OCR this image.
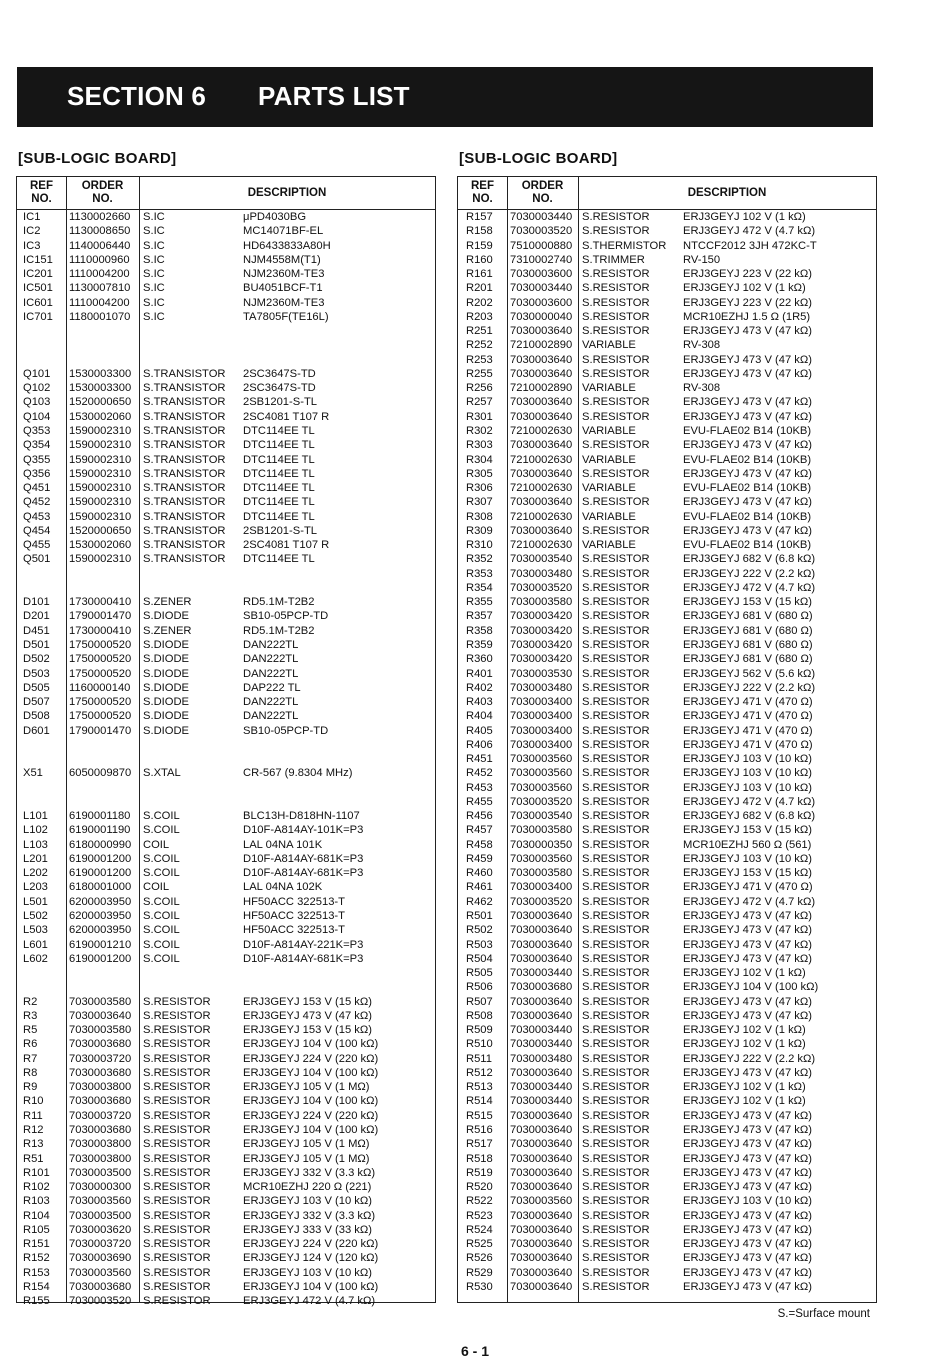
SECTION 6 PARTS LIST
[SUB-LOGIC BOARD]	[SUB-LOGIC BOARD]
REF
NO.
ORDER
NO.
DESCRIPTION
IC1	1130002660 S.IC	μPD4030BG
IC2	1130008650 S.IC	MC14071BF-EL
IC3	1140006440 S.IC	HD6433833A80H
IC151 1110000960 S.IC	NJM4558M(T1)
IC201 1110004200 S.IC	NJM2360M-TE3
IC501 1130007810 S.IC	BU4051BCF-T1
IC601 1110004200 S.IC	NJM2360M-TE3
IC701 1180001070 S.IC	TA7805F(TE16L)
Q101 1530003300 S.TRANSISTOR 2SC3647S-TD
Q102 1530003300 S.TRANSISTOR 2SC3647S-TD
Q103 1520000650 S.TRANSISTOR 2SB1201-S-TL
Q104 1530002060 S.TRANSISTOR 2SC4081 T107 R
Q353 1590002310 S.TRANSISTOR DTC114EE TL
Q354 1590002310 S.TRANSISTOR DTC114EE TL
Q355 1590002310 S.TRANSISTOR DTC114EE TL
Q356 1590002310 S.TRANSISTOR DTC114EE TL
Q451 1590002310 S.TRANSISTOR DTC114EE TL
Q452 1590002310 S.TRANSISTOR DTC114EE TL
Q453 1590002310 S.TRANSISTOR DTC114EE TL
Q454 1520000650 S.TRANSISTOR 2SB1201-S-TL
Q455 1530002060 S.TRANSISTOR 2SC4081 T107 R
Q501 1590002310 S.TRANSISTOR DTC114EE TL
D101 1730000410 S.ZENER	RD5.1M-T2B2
D201 1790001470 S.DIODE	SB10-05PCP-TD
D451 1730000410 S.ZENER	RD5.1M-T2B2
D501 1750000520 S.DIODE	DAN222TL
D502 1750000520 S.DIODE	DAN222TL
D503 1750000520 S.DIODE	DAN222TL
D505 1160000140 S.DIODE	DAP222 TL
D507 1750000520 S.DIODE	DAN222TL
D508 1750000520 S.DIODE	DAN222TL
D601 1790001470 S.DIODE	SB10-05PCP-TD
X51 6050009870 S.XTAL	CR-567 (9.8304 MHz)
L101 6190001180 S.COIL	BLC13H-D818HN-1107
L102 6190001190 S.COIL	D10F-A814AY-101K=P3
L103 6180000990 COIL	LAL 04NA 101K
L201 6190001200 S.COIL	D10F-A814AY-681K=P3
L202 6190001200 S.COIL	D10F-A814AY-681K=P3
L203 6180001000 COIL	LAL 04NA 102K
L501 6200003950 S.COIL	HF50ACC 322513-T
L502 6200003950 S.COIL	HF50ACC 322513-T
L503 6200003950 S.COIL	HF50ACC 322513-T
L601 6190001210 S.COIL	D10F-A814AY-221K=P3
L602 6190001200 S.COIL	D10F-A814AY-681K=P3
R2	7030003580 S.RESISTOR	ERJ3GEYJ 153 V (15 kΩ)
R3	7030003640 S.RESISTOR	ERJ3GEYJ 473 V (47 kΩ)
R5	7030003580 S.RESISTOR	ERJ3GEYJ 153 V (15 kΩ)
R6	7030003680 S.RESISTOR	ERJ3GEYJ 104 V (100 kΩ)
R7	7030003720 S.RESISTOR	ERJ3GEYJ 224 V (220 kΩ)
R8	7030003680 S.RESISTOR	ERJ3GEYJ 104 V (100 kΩ)
R9	7030003800 S.RESISTOR	ERJ3GEYJ 105 V (1 MΩ)
R10 7030003680 S.RESISTOR	ERJ3GEYJ 104 V (100 kΩ)
R11 7030003720 S.RESISTOR	ERJ3GEYJ 224 V (220 kΩ)
R12 7030003680 S.RESISTOR	ERJ3GEYJ 104 V (100 kΩ)
R13 7030003800 S.RESISTOR	ERJ3GEYJ 105 V (1 MΩ)
R51 7030003800 S.RESISTOR	ERJ3GEYJ 105 V (1 MΩ)
R101 7030003500 S.RESISTOR	ERJ3GEYJ 332 V (3.3 kΩ)
R102 7030000300 S.RESISTOR	MCR10EZHJ 220 Ω (221)
R103 7030003560 S.RESISTOR	ERJ3GEYJ 103 V (10 kΩ)
R104 7030003500 S.RESISTOR	ERJ3GEYJ 332 V (3.3 kΩ)
R105 7030003620 S.RESISTOR	ERJ3GEYJ 333 V (33 kΩ)
R151 7030003720 S.RESISTOR	ERJ3GEYJ 224 V (220 kΩ)
R152 7030003690 S.RESISTOR	ERJ3GEYJ 124 V (120 kΩ)
R153 7030003560 S.RESISTOR	ERJ3GEYJ 103 V (10 kΩ)
R154 7030003680 S.RESISTOR	ERJ3GEYJ 104 V (100 kΩ)
R155 7030003520 S.RESISTOR	ERJ3GEYJ 472 V (4.7 kΩ)
REF
NO.
ORDER
NO.
DESCRIPTION
R157 7030003440 S.RESISTOR	ERJ3GEYJ 102 V (1 kΩ)
R158 7030003520 S.RESISTOR	ERJ3GEYJ 472 V (4.7 kΩ)
R159 7510000880 S.THERMISTOR NTCCF2012 3JH 472KC-T
R160 7310002740 S.TRIMMER	RV-150
R161 7030003600 S.RESISTOR	ERJ3GEYJ 223 V (22 kΩ)
R201 7030003440 S.RESISTOR	ERJ3GEYJ 102 V (1 kΩ)
R202 7030003600 S.RESISTOR	ERJ3GEYJ 223 V (22 kΩ)
R203 7030000040 S.RESISTOR	MCR10EZHJ 1.5 Ω (1R5)
R251 7030003640 S.RESISTOR	ERJ3GEYJ 473 V (47 kΩ)
R252 7210002890 VARIABLE	RV-308
R253 7030003640 S.RESISTOR	ERJ3GEYJ 473 V (47 kΩ)
R255 7030003640 S.RESISTOR	ERJ3GEYJ 473 V (47 kΩ)
R256 7210002890 VARIABLE	RV-308
R257 7030003640 S.RESISTOR	ERJ3GEYJ 473 V (47 kΩ)
R301 7030003640 S.RESISTOR	ERJ3GEYJ 473 V (47 kΩ)
R302 7210002630 VARIABLE	EVU-FLAE02 B14 (10KB)
R303 7030003640 S.RESISTOR	ERJ3GEYJ 473 V (47 kΩ)
R304 7210002630 VARIABLE	EVU-FLAE02 B14 (10KB)
R305 7030003640 S.RESISTOR	ERJ3GEYJ 473 V (47 kΩ)
R306 7210002630 VARIABLE	EVU-FLAE02 B14 (10KB)
R307 7030003640 S.RESISTOR	ERJ3GEYJ 473 V (47 kΩ)
R308 7210002630 VARIABLE	EVU-FLAE02 B14 (10KB)
R309 7030003640 S.RESISTOR	ERJ3GEYJ 473 V (47 kΩ)
R310 7210002630 VARIABLE	EVU-FLAE02 B14 (10KB)
R352 7030003540 S.RESISTOR	ERJ3GEYJ 682 V (6.8 kΩ)
R353 7030003480 S.RESISTOR	ERJ3GEYJ 222 V (2.2 kΩ)
R354 7030003520 S.RESISTOR	ERJ3GEYJ 472 V (4.7 kΩ)
R355 7030003580 S.RESISTOR	ERJ3GEYJ 153 V (15 kΩ)
R357 7030003420 S.RESISTOR	ERJ3GEYJ 681 V (680 Ω)
R358 7030003420 S.RESISTOR	ERJ3GEYJ 681 V (680 Ω)
R359 7030003420 S.RESISTOR	ERJ3GEYJ 681 V (680 Ω)
R360 7030003420 S.RESISTOR	ERJ3GEYJ 681 V (680 Ω)
R401 7030003530 S.RESISTOR	ERJ3GEYJ 562 V (5.6 kΩ)
R402 7030003480 S.RESISTOR	ERJ3GEYJ 222 V (2.2 kΩ)
R403 7030003400 S.RESISTOR	ERJ3GEYJ 471 V (470 Ω)
R404 7030003400 S.RESISTOR	ERJ3GEYJ 471 V (470 Ω)
R405 7030003400 S.RESISTOR	ERJ3GEYJ 471 V (470 Ω)
R406 7030003400 S.RESISTOR	ERJ3GEYJ 471 V (470 Ω)
R451 7030003560 S.RESISTOR	ERJ3GEYJ 103 V (10 kΩ)
R452 7030003560 S.RESISTOR	ERJ3GEYJ 103 V (10 kΩ)
R453 7030003560 S.RESISTOR	ERJ3GEYJ 103 V (10 kΩ)
R455 7030003520 S.RESISTOR	ERJ3GEYJ 472 V (4.7 kΩ)
R456 7030003540 S.RESISTOR	ERJ3GEYJ 682 V (6.8 kΩ)
R457 7030003580 S.RESISTOR	ERJ3GEYJ 153 V (15 kΩ)
R458 7030000350 S.RESISTOR	MCR10EZHJ 560 Ω (561)
R459 7030003560 S.RESISTOR	ERJ3GEYJ 103 V (10 kΩ)
R460 7030003580 S.RESISTOR	ERJ3GEYJ 153 V (15 kΩ)
R461 7030003400 S.RESISTOR	ERJ3GEYJ 471 V (470 Ω)
R462 7030003520 S.RESISTOR	ERJ3GEYJ 472 V (4.7 kΩ)
R501 7030003640 S.RESISTOR	ERJ3GEYJ 473 V (47 kΩ)
R502 7030003640 S.RESISTOR	ERJ3GEYJ 473 V (47 kΩ)
R503 7030003640 S.RESISTOR	ERJ3GEYJ 473 V (47 kΩ)
R504 7030003640 S.RESISTOR	ERJ3GEYJ 473 V (47 kΩ)
R505 7030003440 S.RESISTOR	ERJ3GEYJ 102 V (1 kΩ)
R506 7030003680 S.RESISTOR	ERJ3GEYJ 104 V (100 kΩ)
R507 7030003640 S.RESISTOR	ERJ3GEYJ 473 V (47 kΩ)
R508 7030003640 S.RESISTOR	ERJ3GEYJ 473 V (47 kΩ)
R509 7030003440 S.RESISTOR	ERJ3GEYJ 102 V (1 kΩ)
R510 7030003440 S.RESISTOR	ERJ3GEYJ 102 V (1 kΩ)
R511 7030003480 S.RESISTOR	ERJ3GEYJ 222 V (2.2 kΩ)
R512 7030003640 S.RESISTOR	ERJ3GEYJ 473 V (47 kΩ)
R513 7030003440 S.RESISTOR	ERJ3GEYJ 102 V (1 kΩ)
R514 7030003440 S.RESISTOR	ERJ3GEYJ 102 V (1 kΩ)
R515 7030003640 S.RESISTOR	ERJ3GEYJ 473 V (47 kΩ)
R516 7030003640 S.RESISTOR	ERJ3GEYJ 473 V (47 kΩ)
R517 7030003640 S.RESISTOR	ERJ3GEYJ 473 V (47 kΩ)
R518 7030003640 S.RESISTOR	ERJ3GEYJ 473 V (47 kΩ)
R519 7030003640 S.RESISTOR	ERJ3GEYJ 473 V (47 kΩ)
R520 7030003640 S.RESISTOR	ERJ3GEYJ 473 V (47 kΩ)
R522 7030003560 S.RESISTOR	ERJ3GEYJ 103 V (10 kΩ)
R523 7030003640 S.RESISTOR	ERJ3GEYJ 473 V (47 kΩ)
R524 7030003640 S.RESISTOR	ERJ3GEYJ 473 V (47 kΩ)
R525 7030003640 S.RESISTOR	ERJ3GEYJ 473 V (47 kΩ)
R526 7030003640 S.RESISTOR	ERJ3GEYJ 473 V (47 kΩ)
R529 7030003640 S.RESISTOR	ERJ3GEYJ 473 V (47 kΩ)
R530 7030003640 S.RESISTOR	ERJ3GEYJ 473 V (47 kΩ)
S.=Surface mount
6 - 1
